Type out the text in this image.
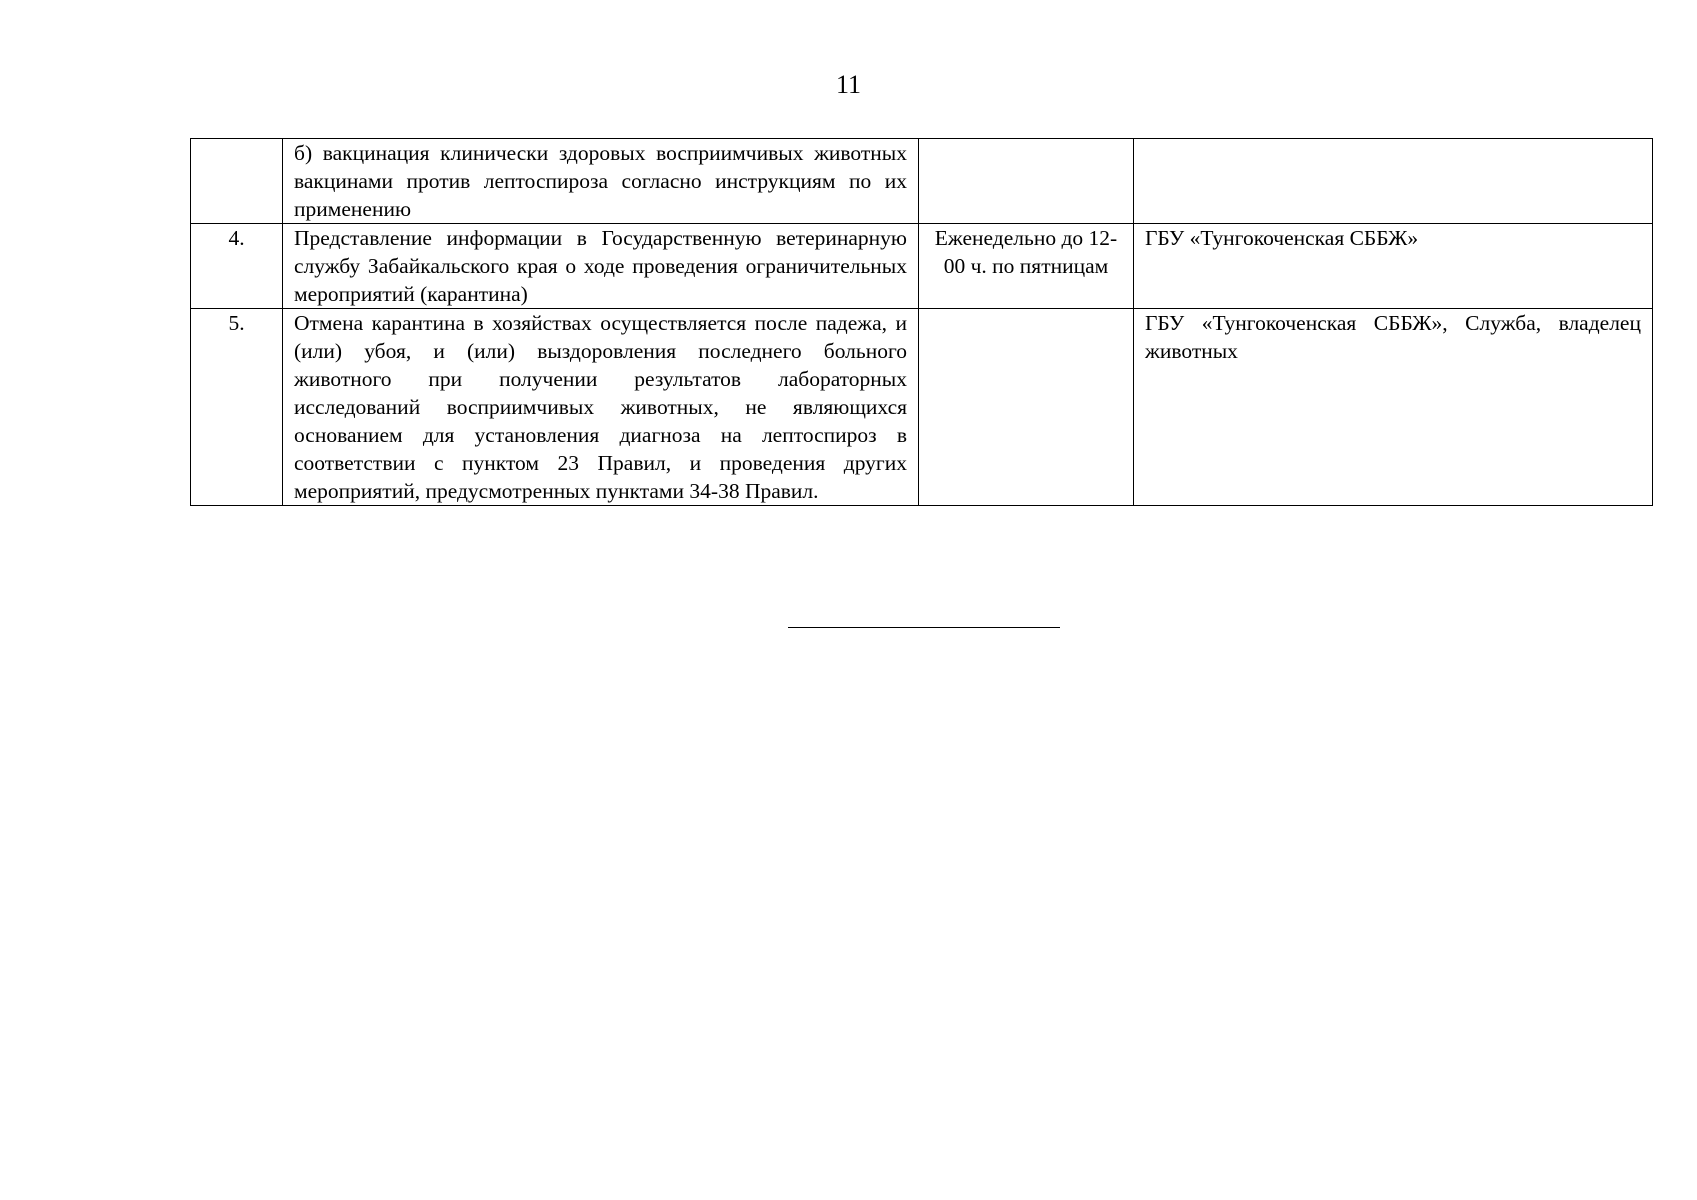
11
	б) вакцинация клинически здоровых восприимчивых животных вакцинами против лептоспироза согласно инструкциям по их применению		
4.	Представление информации в Государственную ветеринарную службу Забайкальского края о ходе проведения ограничительных мероприятий (карантина)	Еженедельно до 12-00 ч. по пятницам	ГБУ «Тунгокоченская СББЖ»
5.	Отмена карантина в хозяйствах осуществляется после падежа, и (или) убоя, и (или) выздоровления последнего больного животного при получении результатов лабораторных исследований восприимчивых животных, не являющихся основанием для установления диагноза на лептоспироз в соответствии с пунктом 23 Правил, и проведения других мероприятий, предусмотренных пунктами 34-38 Правил.		ГБУ «Тунгокоченская СББЖ», Служба, владелец животных
